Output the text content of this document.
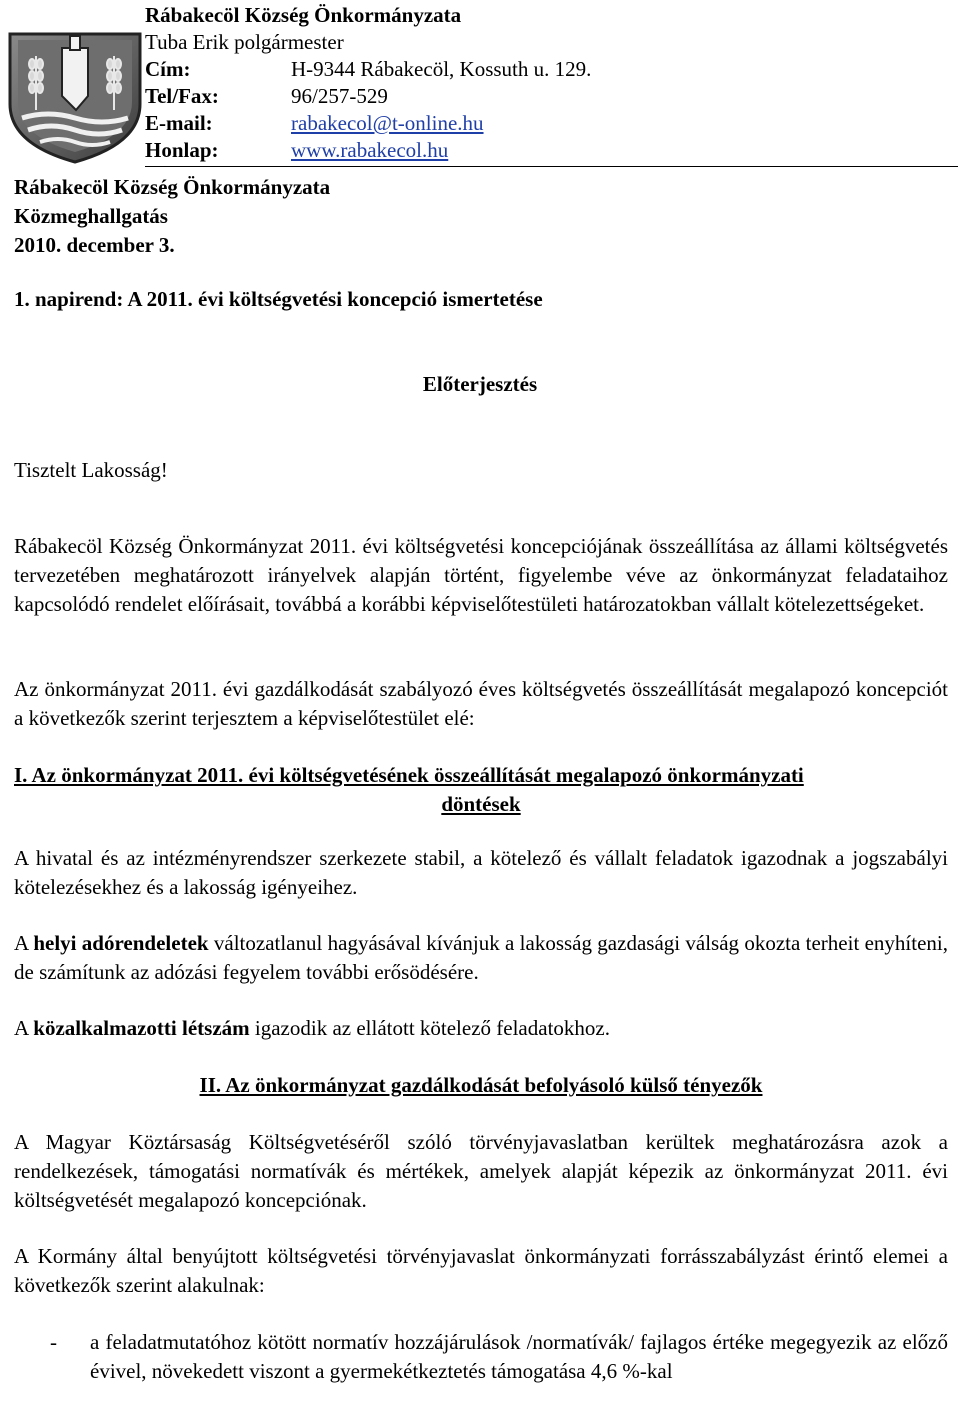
Rábakecöl Község Önkormányzata
Tuba Erik polgármester
Cím:	H-9344 Rábakecöl, Kossuth u. 129.
Tel/Fax:	96/257-529
E-mail:	rabakecol@t-online.hu
Honlap:	www.rabakecol.hu
Rábakecöl Község Önkormányzata
Közmeghallgatás
2010. december 3.
1. napirend: A 2011. évi költségvetési koncepció ismertetése
Előterjesztés
Tisztelt Lakosság!
Rábakecöl Község Önkormányzat 2011. évi költségvetési koncepciójának összeállítása az állami költségvetés tervezetében meghatározott irányelvek alapján történt, figyelembe véve az önkormányzat feladataihoz kapcsolódó rendelet előírásait, továbbá a korábbi képviselőtestületi határozatokban vállalt kötelezettségeket.
Az önkormányzat 2011. évi gazdálkodását szabályozó éves költségvetés összeállítását megalapozó koncepciót a következők szerint terjesztem a képviselőtestület elé:
I. Az önkormányzat 2011. évi költségvetésének összeállítását megalapozó önkormányzati
döntések
A hivatal és az intézményrendszer szerkezete stabil, a kötelező és vállalt feladatok igazodnak a jogszabályi kötelezésekhez és a lakosság igényeihez.
A helyi adórendeletek változatlanul hagyásával kívánjuk a lakosság gazdasági válság okozta terheit enyhíteni, de számítunk az adózási fegyelem további erősödésére.
A közalkalmazotti létszám igazodik az ellátott kötelező feladatokhoz.
II. Az önkormányzat gazdálkodását befolyásoló külső tényezők
A Magyar Köztársaság Költségvetéséről szóló törvényjavaslatban kerültek meghatározásra azok a rendelkezések, támogatási normatívák és mértékek, amelyek alapját képezik az önkormányzat 2011. évi költségvetését megalapozó koncepciónak.
A Kormány által benyújtott költségvetési törvényjavaslat önkormányzati forrásszabályzást érintő elemei a következők szerint alakulnak:
- a feladatmutatóhoz kötött normatív hozzájárulások /normatívák/ fajlagos értéke megegyezik az előző évivel, növekedett viszont a gyermekétkeztetés támogatása 4,6 %-kal
